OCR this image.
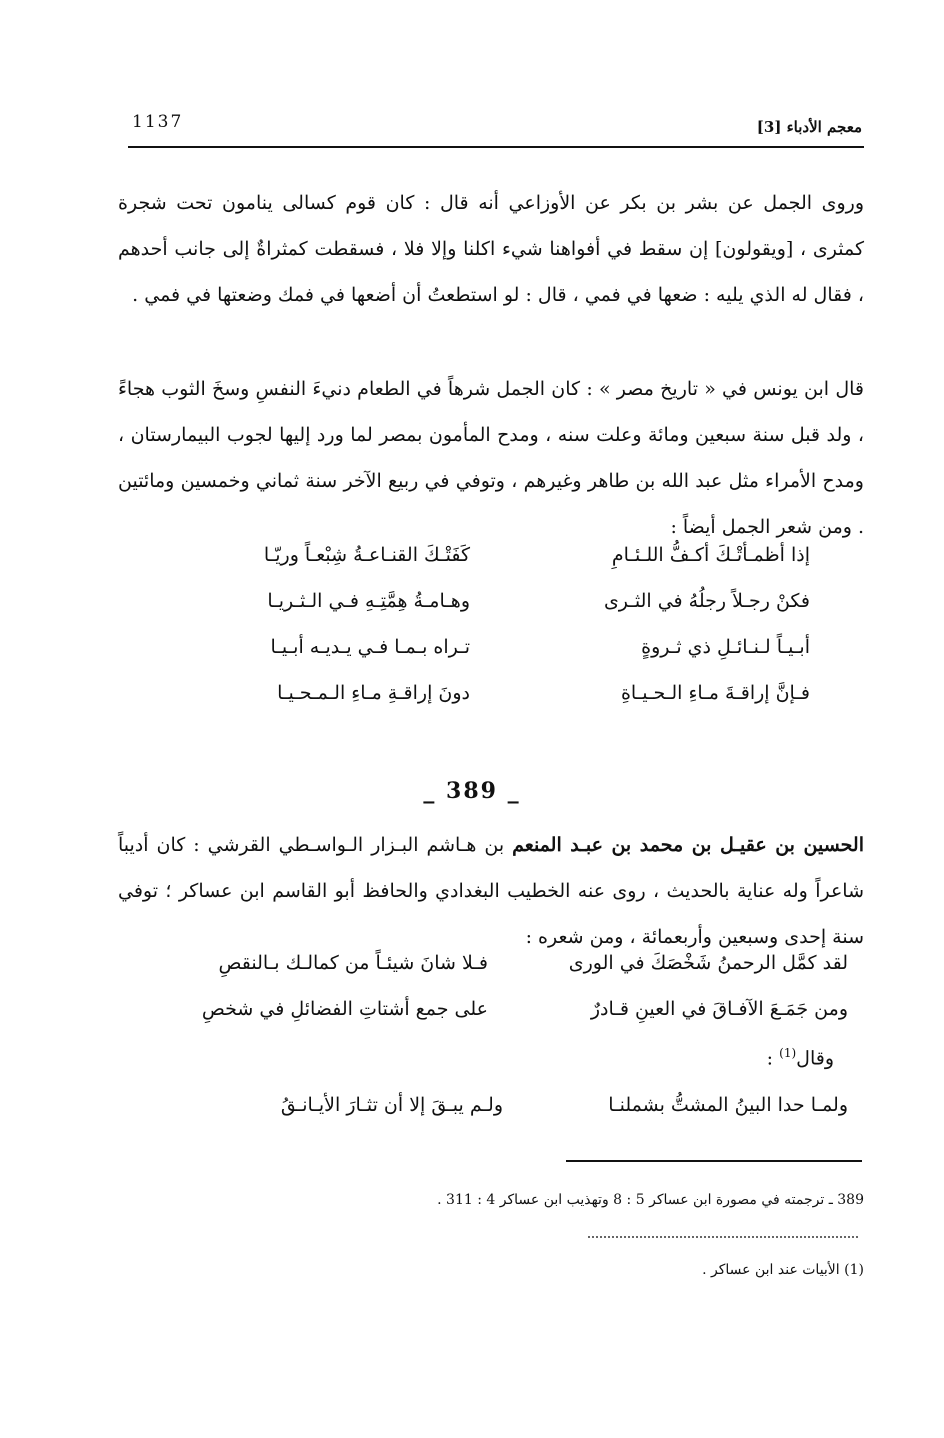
1137	معجم الأدباء [3]

وروى الجمل عن بشر بن بكر عن الأوزاعي أنه قال : كان قوم كسالى ينامون تحت شجرة كمثرى ، [ويقولون] إن سقط في أفواهنا شيء اكلنا وإلا فلا ، فسقطت كمثراةٌ إلى جانب أحدهم ، فقال له الذي يليه : ضعها في فمي ، قال : لو استطعتُ أن أضعها في فمك وضعتها في فمي .

قال ابن يونس في « تاريخ مصر » : كان الجمل شرهاً في الطعام دنيءَ النفسِ وسخَ الثوب هجاءً ، ولد قبل سنة سبعين ومائة وعلت سنه ، ومدح المأمون بمصر لما ورد إليها لجوب البيمارستان ، ومدح الأمراء مثل عبد الله بن طاهر وغيرهم ، وتوفي في ربيع الآخر سنة ثماني وخمسين ومائتين . ومن شعر الجمل أيضاً :

إذا أظمـأتْـكَ أكـفُّ اللـئـامِ
كَفَتْـكَ القنـاعـةُ شِبْعـاً وريّـا
فكنْ رجـلاً رجلُهُ في الثـرى
وهـامـةُ هِمَّتِـهِ فـي الـثـريـا
أبـيـاً لـنـائـلِ ذي ثـروةٍ
تـراه بـمـا فـي يـديـه أبـيـا
فـإنَّ إراقـةَ مـاءِ الـحـيـاةِ
دونَ إراقـةِ مـاءِ الـمـحـيـا
_ 389 _

الحسين بن عقيـل بن محمد بن عبـد المنعم بن هـاشم البـزار الـواسـطي القرشي : كان أديباً شاعراً وله عناية بالحديث ، روى عنه الخطيب البغدادي والحافظ أبو القاسم ابن عساكر ؛ توفي سنة إحدى وسبعين وأربعمائة ، ومن شعره :

لقد كمَّل الرحمنُ شَخْصَكَ في الورى
فـلا شانَ شيئـاً من كمالـك بـالنقصِ
ومن جَمَـعَ الآفـاقَ في العينِ قـادرٌ
على جمع أشتاتِ الفضائلِ في شخصِ
وقال$^{(1)}$ :
ولمـا حدا البينُ المشتُّ بشملنـا
ولـم يبـقَ إلا أن تثـارَ الأيـانـقُ
389 ـ ترجمته في مصورة ابن عساكر 5 : 8 وتهذيب ابن عساكر 4 : 311 .
(1) الأبيات عند ابن عساكر .
